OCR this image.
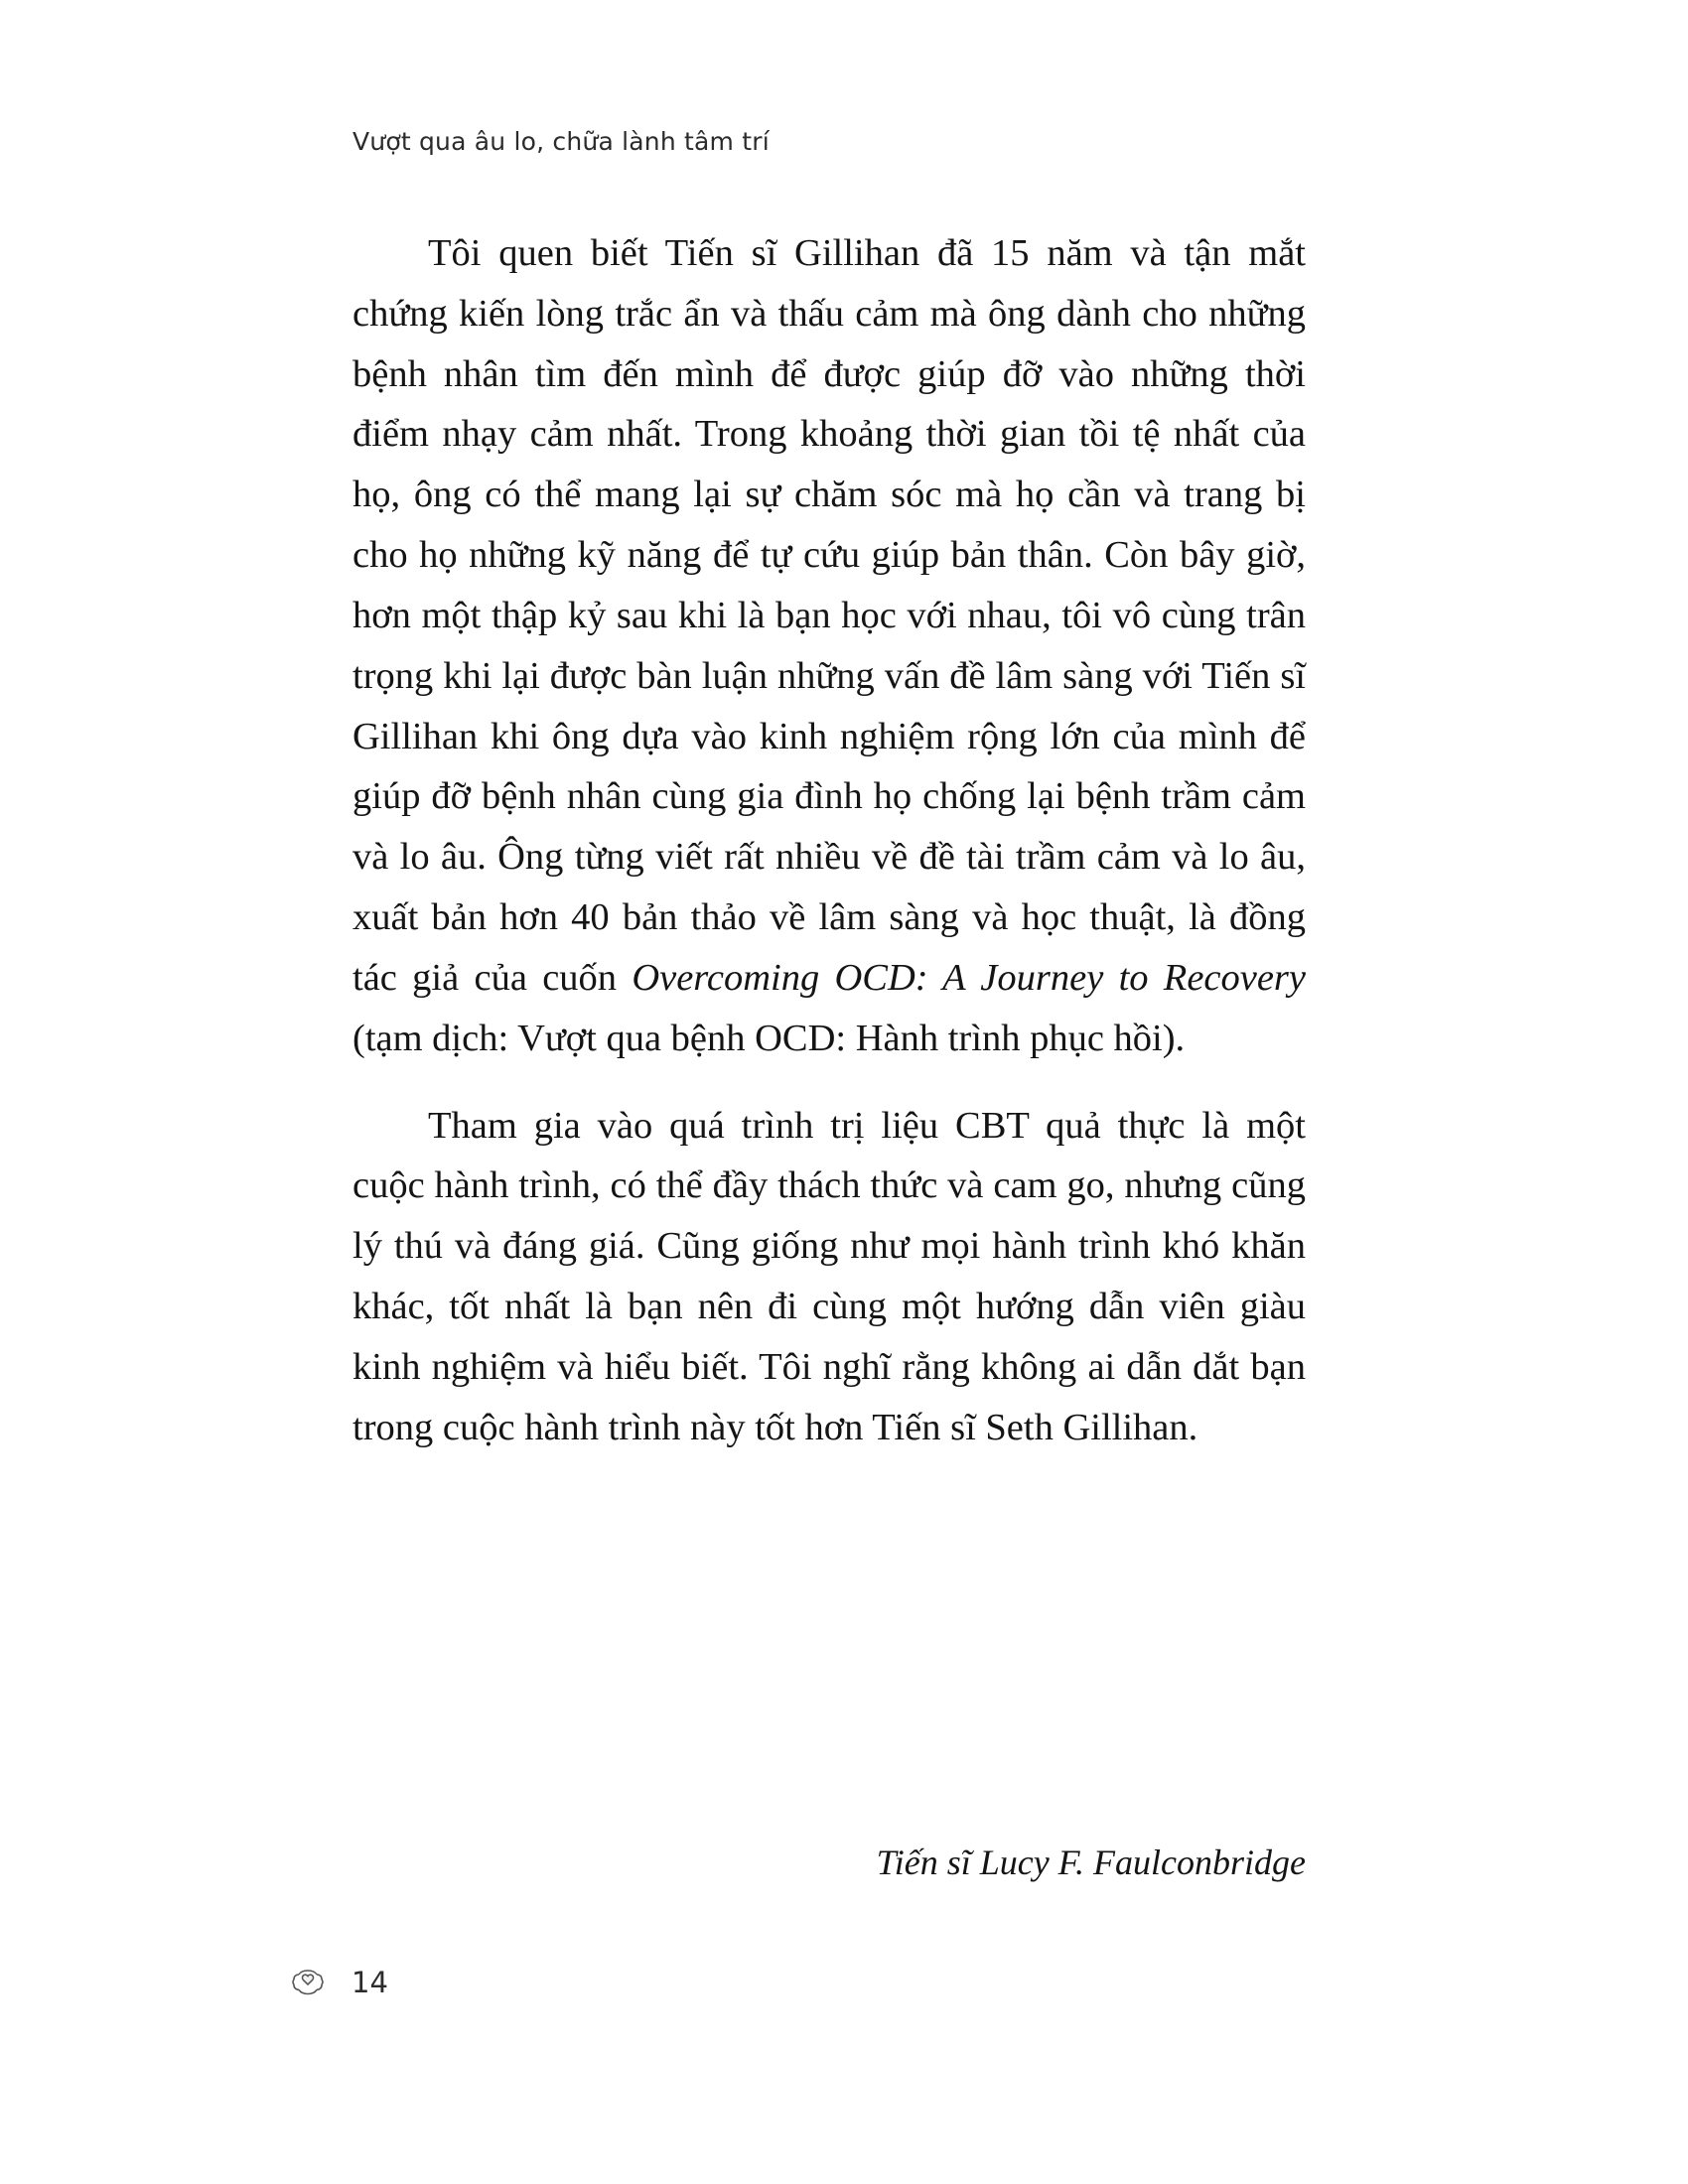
Vượt qua âu lo, chữa lành tâm trí

Tôi quen biết Tiến sĩ Gillihan đã 15 năm và tận mắt chứng kiến lòng trắc ẩn và thấu cảm mà ông dành cho những bệnh nhân tìm đến mình để được giúp đỡ vào những thời điểm nhạy cảm nhất. Trong khoảng thời gian tồi tệ nhất của họ, ông có thể mang lại sự chăm sóc mà họ cần và trang bị cho họ những kỹ năng để tự cứu giúp bản thân. Còn bây giờ, hơn một thập kỷ sau khi là bạn học với nhau, tôi vô cùng trân trọng khi lại được bàn luận những vấn đề lâm sàng với Tiến sĩ Gillihan khi ông dựa vào kinh nghiệm rộng lớn của mình để giúp đỡ bệnh nhân cùng gia đình họ chống lại bệnh trầm cảm và lo âu. Ông từng viết rất nhiều về đề tài trầm cảm và lo âu, xuất bản hơn 40 bản thảo về lâm sàng và học thuật, là đồng tác giả của cuốn Overcoming OCD: A Journey to Recovery (tạm dịch: Vượt qua bệnh OCD: Hành trình phục hồi).

Tham gia vào quá trình trị liệu CBT quả thực là một cuộc hành trình, có thể đầy thách thức và cam go, nhưng cũng lý thú và đáng giá. Cũng giống như mọi hành trình khó khăn khác, tốt nhất là bạn nên đi cùng một hướng dẫn viên giàu kinh nghiệm và hiểu biết. Tôi nghĩ rằng không ai dẫn dắt bạn trong cuộc hành trình này tốt hơn Tiến sĩ Seth Gillihan.

Tiến sĩ Lucy F. Faulconbridge
14
